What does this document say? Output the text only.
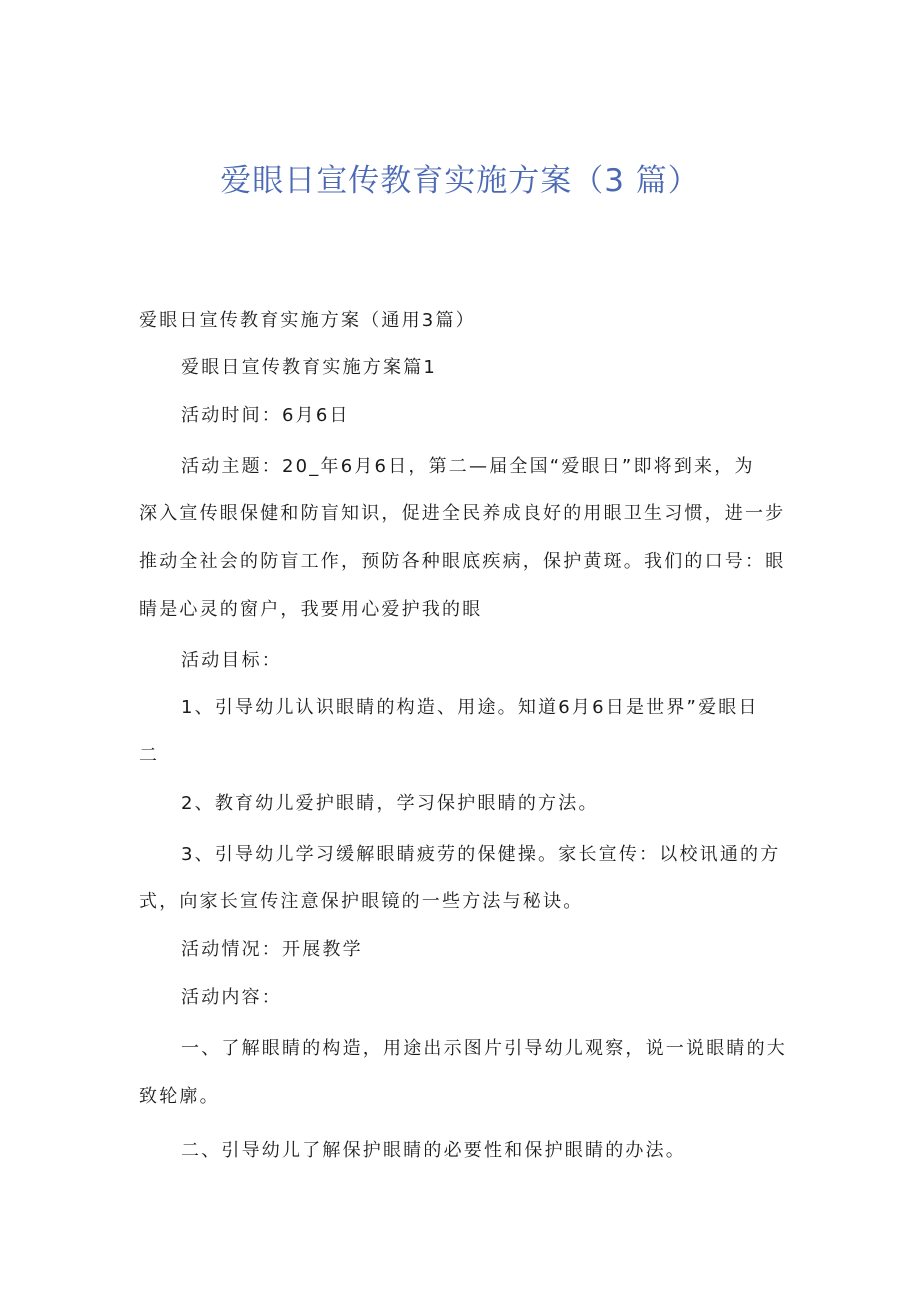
爱眼日宣传教育实施方案（3 篇）

爱眼日宣传教育实施方案（通用3篇）

爱眼日宣传教育实施方案篇1

活动时间：6月6日

活动主题：20_年6月6日，第二—届全国“爱眼日”即将到来，为

深入宣传眼保健和防盲知识，促进全民养成良好的用眼卫生习惯，进一步

推动全社会的防盲工作，预防各种眼底疾病，保护黄斑。我们的口号：眼

睛是心灵的窗户，我要用心爱护我的眼

活动目标：

1、引导幼儿认识眼睛的构造、用途。知道6月6日是世界”爱眼日

二

2、教育幼儿爱护眼睛，学习保护眼睛的方法。

3、引导幼儿学习缓解眼睛疲劳的保健操。家长宣传：以校讯通的方

式，向家长宣传注意保护眼镜的一些方法与秘诀。

活动情况：开展教学

活动内容：

一、了解眼睛的构造，用途出示图片引导幼儿观察，说一说眼睛的大

致轮廓。

二、引导幼儿了解保护眼睛的必要性和保护眼睛的办法。
